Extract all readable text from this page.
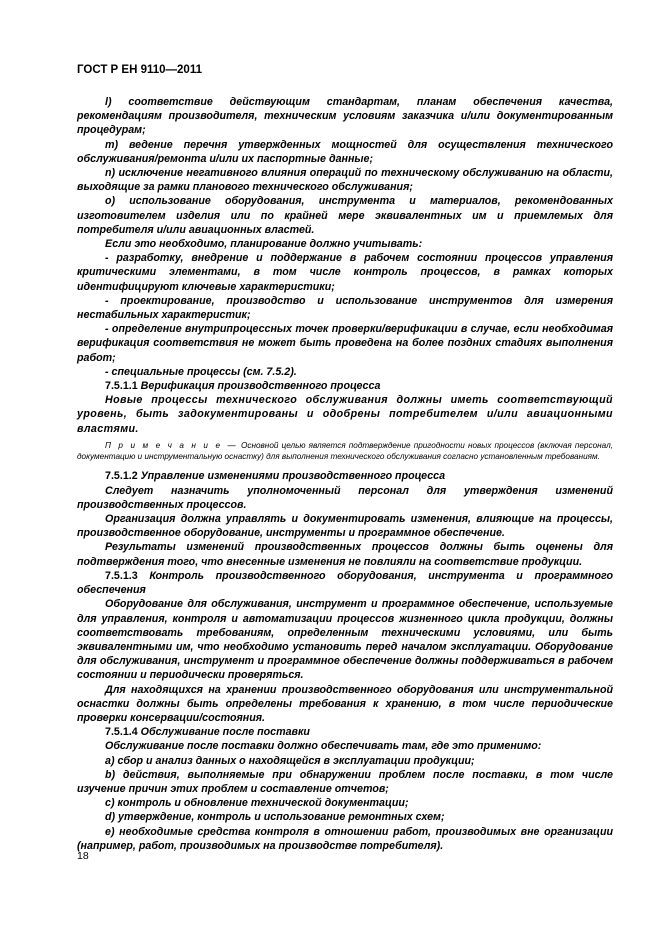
ГОСТ Р ЕН 9110—2011

l) соответствие действующим стандартам, планам обеспечения качества, рекомендациям производителя, техническим условиям заказчика и/или документированным процедурам;

m) ведение перечня утвержденных мощностей для осуществления технического обслуживания/ремонта и/или их паспортные данные;

n) исключение негативного влияния операций по техническому обслуживанию на области, выходящие за рамки планового технического обслуживания;

o) использование оборудования, инструмента и материалов, рекомендованных изготовителем изделия или по крайней мере эквивалентных им и приемлемых для потребителя и/или авиационных властей.

Если это необходимо, планирование должно учитывать:

- разработку, внедрение и поддержание в рабочем состоянии процессов управления критическими элементами, в том числе контроль процессов, в рамках которых идентифицируют ключевые характеристики;

- проектирование, производство и использование инструментов для измерения нестабильных характеристик;

- определение внутрипроцессных точек проверки/верификации в случае, если необходимая верификация соответствия не может быть проведена на более поздних стадиях выполнения работ;

- специальные процессы (см. 7.5.2).

7.5.1.1 Верификация производственного процесса

Новые процессы технического обслуживания должны иметь соответствующий уровень, быть задокументированы и одобрены потребителем и/или авиационными властями.

П р и м е ч а н и е — Основной целью является подтверждение пригодности новых процессов (включая персонал, документацию и инструментальную оснастку) для выполнения технического обслуживания согласно установленным требованиям.

7.5.1.2 Управление изменениями производственного процесса

Следует назначить уполномоченный персонал для утверждения изменений производственных процессов.

Организация должна управлять и документировать изменения, влияющие на процессы, производственное оборудование, инструменты и программное обеспечение.

Результаты изменений производственных процессов должны быть оценены для подтверждения того, что внесенные изменения не повлияли на соответствие продукции.

7.5.1.3 Контроль производственного оборудования, инструмента и программного обеспечения

Оборудование для обслуживания, инструмент и программное обеспечение, используемые для управления, контроля и автоматизации процессов жизненного цикла продукции, должны соответствовать требованиям, определенным техническими условиями, или быть эквивалентными им, что необходимо установить перед началом эксплуатации. Оборудование для обслуживания, инструмент и программное обеспечение должны поддерживаться в рабочем состоянии и периодически проверяться.

Для находящихся на хранении производственного оборудования или инструментальной оснастки должны быть определены требования к хранению, в том числе периодические проверки консервации/состояния.

7.5.1.4 Обслуживание после поставки

Обслуживание после поставки должно обеспечивать там, где это применимо:

a) сбор и анализ данных о находящейся в эксплуатации продукции;

b) действия, выполняемые при обнаружении проблем после поставки, в том числе изучение причин этих проблем и составление отчетов;

c) контроль и обновление технической документации;

d) утверждение, контроль и использование ремонтных схем;

e) необходимые средства контроля в отношении работ, производимых вне организации (например, работ, производимых на производстве потребителя).

18
